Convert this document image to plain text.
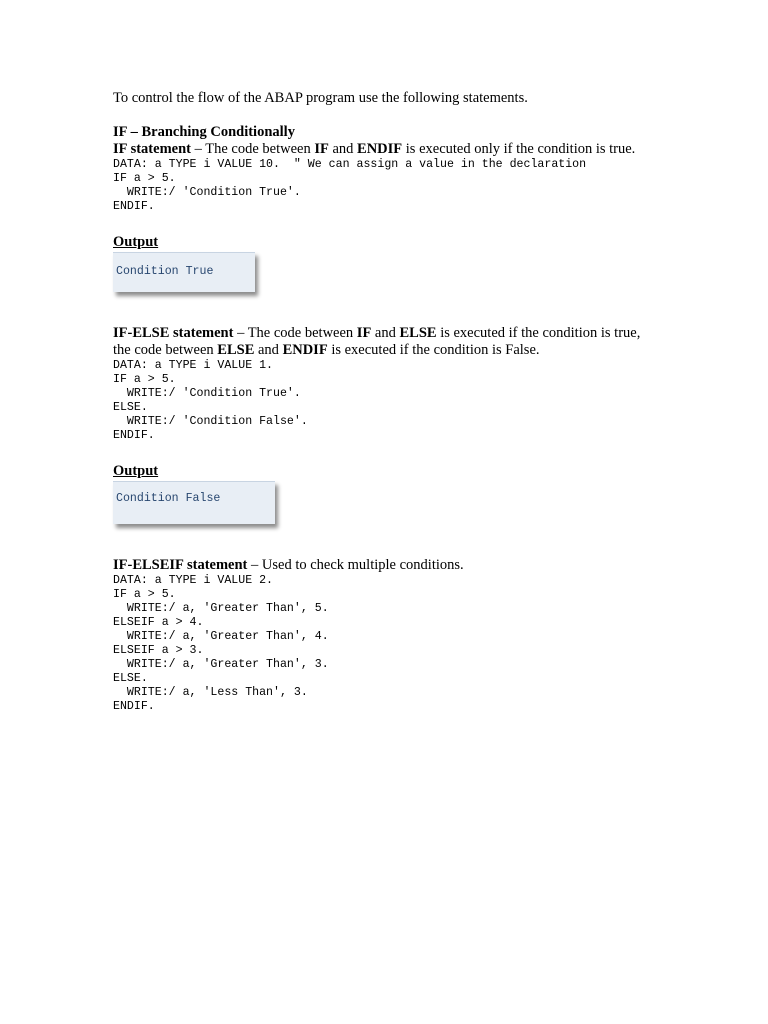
To control the flow of the ABAP program use the following statements.

IF – Branching Conditionally

IF statement – The code between IF and ENDIF is executed only if the condition is true.

DATA: a TYPE i VALUE 10.  " We can assign a value in the declaration
IF a > 5.
WRITE:/ 'Condition True'.
ENDIF.

Output

Condition True

IF-ELSE statement – The code between IF and ELSE is executed if the condition is true, the code between ELSE and ENDIF is executed if the condition is False.

DATA: a TYPE i VALUE 1.
IF a > 5.
WRITE:/ 'Condition True'.
ELSE.
WRITE:/ 'Condition False'.
ENDIF.

Output

Condition False

IF-ELSEIF statement – Used to check multiple conditions.

DATA: a TYPE i VALUE 2.
IF a > 5.
WRITE:/ a, 'Greater Than', 5.
ELSEIF a > 4.
WRITE:/ a, 'Greater Than', 4.
ELSEIF a > 3.
WRITE:/ a, 'Greater Than', 3.
ELSE.
WRITE:/ a, 'Less Than', 3.
ENDIF.
